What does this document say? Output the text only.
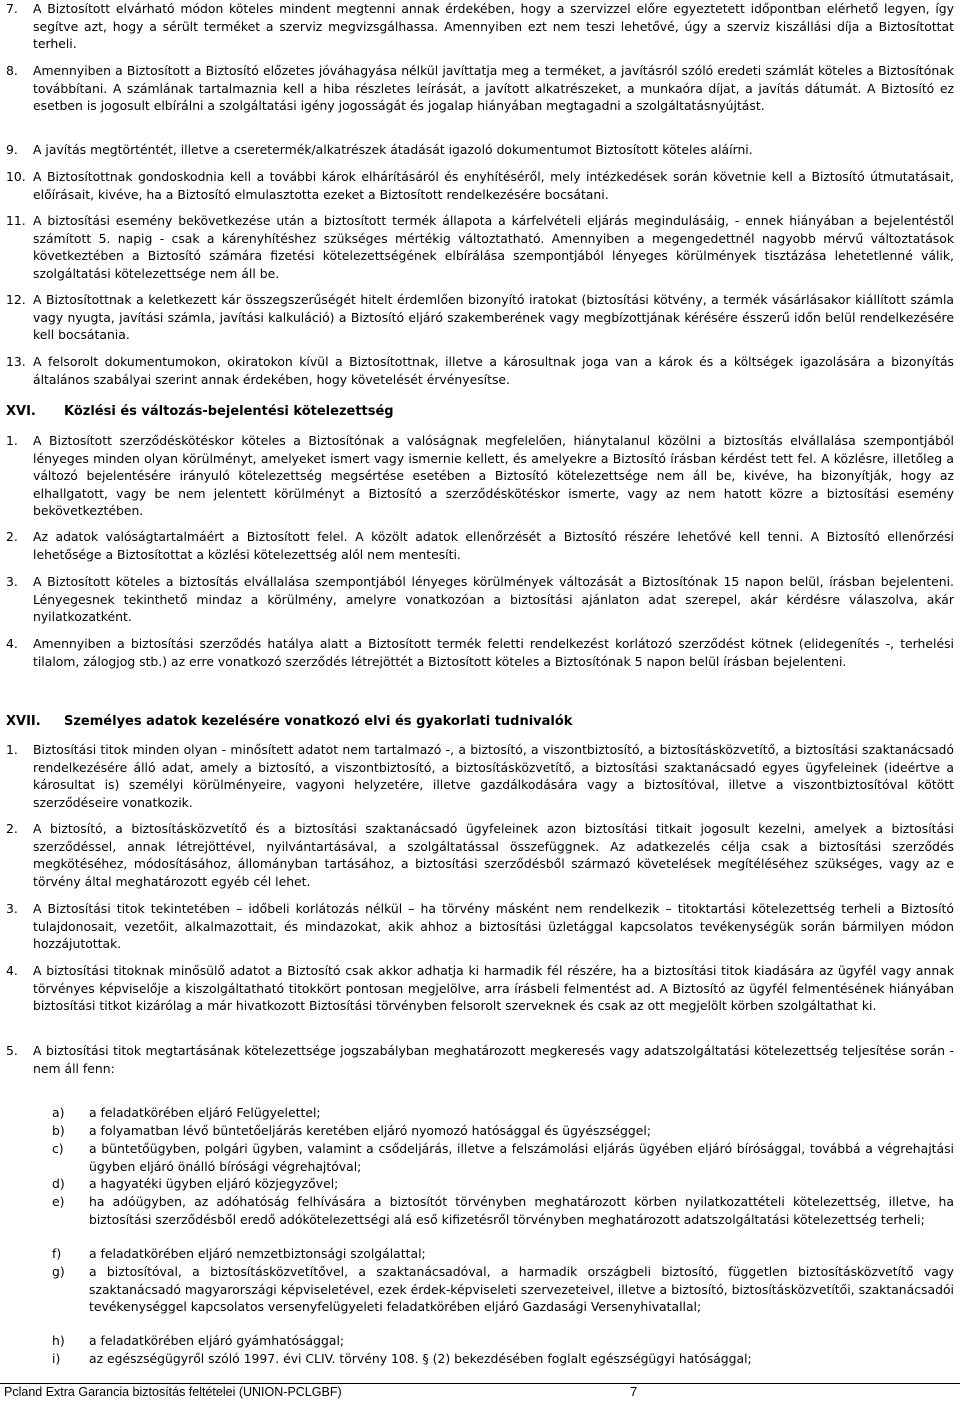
7. A Biztosított elvárható módon köteles mindent megtenni annak érdekében, hogy a szervizzel előre egyeztetett időpontban elérhető legyen, így segítve azt, hogy a sérült terméket a szerviz megvizsgálhassa. Amennyiben ezt nem teszi lehetővé, úgy a szerviz kiszállási díja a Biztosítottat terheli.
8. Amennyiben a Biztosított a Biztosító előzetes jóváhagyása nélkül javíttatja meg a terméket, a javításról szóló eredeti számlát köteles a Biztosítónak továbbítani. A számlának tartalmaznia kell a hiba részletes leírását, a javított alkatrészeket, a munkaóra díjat, a javítás dátumát. A Biztosító ez esetben is jogosult elbírálni a szolgáltatási igény jogosságát és jogalap hiányában megtagadni a szolgáltatásnyújtást.
9. A javítás megtörténtét, illetve a cseretermék/alkatrészek átadását igazoló dokumentumot Biztosított köteles aláírni.
10. A Biztosítottnak gondoskodnia kell a további károk elhárításáról és enyhítéséről, mely intézkedések során követnie kell a Biztosító útmutatásait, előírásait, kivéve, ha a Biztosító elmulasztotta ezeket a Biztosított rendelkezésére bocsátani.
11. A biztosítási esemény bekövetkezése után a biztosított termék állapota a kárfelvételi eljárás megindulásáig, - ennek hiányában a bejelentéstől számított 5. napig - csak a kárenyhítéshez szükséges mértékig változtatható. Amennyiben a megengedettnél nagyobb mérvű változtatások következtében a Biztosító számára fizetési kötelezettségének elbírálása szempontjából lényeges körülmények tisztázása lehetetlenné válik, szolgáltatási kötelezettsége nem áll be.
12. A Biztosítottnak a keletkezett kár összegszerűségét hitelt érdemlően bizonyító iratokat (biztosítási kötvény, a termék vásárlásakor kiállított számla vagy nyugta, javítási számla, javítási kalkuláció) a Biztosító eljáró szakemberének vagy megbízottjának kérésére ésszerű időn belül rendelkezésére kell bocsátania.
13. A felsorolt dokumentumokon, okiratokon kívül a Biztosítottnak, illetve a károsultnak joga van a károk és a költségek igazolására a bizonyítás általános szabályai szerint annak érdekében, hogy követelését érvényesítse.
XVI. Közlési és változás-bejelentési kötelezettség
1. A Biztosított szerződéskötéskor köteles a Biztosítónak a valóságnak megfelelően, hiánytalanul közölni a biztosítás elvállalása szempontjából lényeges minden olyan körülményt, amelyeket ismert vagy ismernie kellett, és amelyekre a Biztosító írásban kérdést tett fel. A közlésre, illetőleg a változó bejelentésére irányuló kötelezettség megsértése esetében a Biztosító kötelezettsége nem áll be, kivéve, ha bizonyítják, hogy az elhallgatott, vagy be nem jelentett körülményt a Biztosító a szerződéskötéskor ismerte, vagy az nem hatott közre a biztosítási esemény bekövetkeztében.
2. Az adatok valóságtartalmáért a Biztosított felel. A közölt adatok ellenőrzését a Biztosító részére lehetővé kell tenni. A Biztosító ellenőrzési lehetősége a Biztosítottat a közlési kötelezettség alól nem mentesíti.
3. A Biztosított köteles a biztosítás elvállalása szempontjából lényeges körülmények változását a Biztosítónak 15 napon belül, írásban bejelenteni. Lényegesnek tekinthető mindaz a körülmény, amelyre vonatkozóan a biztosítási ajánlaton adat szerepel, akár kérdésre válaszolva, akár nyilatkozatként.
4. Amennyiben a biztosítási szerződés hatálya alatt a Biztosított termék feletti rendelkezést korlátozó szerződést kötnek (elidegenítés -, terhelési tilalom, zálogjog stb.) az erre vonatkozó szerződés létrejöttét a Biztosított köteles a Biztosítónak 5 napon belül írásban bejelenteni.
XVII. Személyes adatok kezelésére vonatkozó elvi és gyakorlati tudnivalók
1. Biztosítási titok minden olyan - minősített adatot nem tartalmazó -, a biztosító, a viszontbiztosító, a biztosításközvetítő, a biztosítási szaktanácsadó rendelkezésére álló adat, amely a biztosító, a viszontbiztosító, a biztosításközvetítő, a biztosítási szaktanácsadó egyes ügyfeleinek (ideértve a károsultat is) személyi körülményeire, vagyoni helyzetére, illetve gazdálkodására vagy a biztosítóval, illetve a viszontbiztosítóval kötött szerződéseire vonatkozik.
2. A biztosító, a biztosításközvetítő és a biztosítási szaktanácsadó ügyfeleinek azon biztosítási titkait jogosult kezelni, amelyek a biztosítási szerződéssel, annak létrejöttével, nyilvántartásával, a szolgáltatással összefüggnek. Az adatkezelés célja csak a biztosítási szerződés megkötéséhez, módosításához, állományban tartásához, a biztosítási szerződésből származó követelések megítéléséhez szükséges, vagy az e törvény által meghatározott egyéb cél lehet.
3. A Biztosítási titok tekintetében – időbeli korlátozás nélkül – ha törvény másként nem rendelkezik – titoktartási kötelezettség terheli a Biztosító tulajdonosait, vezetőit, alkalmazottait, és mindazokat, akik ahhoz a biztosítási üzletággal kapcsolatos tevékenységük során bármilyen módon hozzájutottak.
4. A biztosítási titoknak minősülő adatot a Biztosító csak akkor adhatja ki harmadik fél részére, ha a biztosítási titok kiadására az ügyfél vagy annak törvényes képviselője a kiszolgáltatható titokkört pontosan megjelölve, arra írásbeli felmentést ad. A Biztosító az ügyfél felmentésének hiányában biztosítási titkot kizárólag a már hivatkozott Biztosítási törvényben felsorolt szerveknek és csak az ott megjelölt körben szolgáltathat ki.
5. A biztosítási titok megtartásának kötelezettsége jogszabályban meghatározott megkeresés vagy adatszolgáltatási kötelezettség teljesítése során - nem áll fenn:
a) a feladatkörében eljáró Felügyelettel;
b) a folyamatban lévő büntetőeljárás keretében eljáró nyomozó hatósággal és ügyészséggel;
c) a büntetőügyben, polgári ügyben, valamint a csődeljárás, illetve a felszámolási eljárás ügyében eljáró bírósággal, továbbá a végrehajtási ügyben eljáró önálló bírósági végrehajtóval;
d) a hagyatéki ügyben eljáró közjegyzővel;
e) ha adóügyben, az adóhatóság felhívására a biztosítót törvényben meghatározott körben nyilatkozattételi kötelezettség, illetve, ha biztosítási szerződésből eredő adókötelezettségi alá eső kifizetésről törvényben meghatározott adatszolgáltatási kötelezettség terheli;
f) a feladatkörében eljáró nemzetbiztonsági szolgálattal;
g) a biztosítóval, a biztosításközvetítővel, a szaktanácsadóval, a harmadik országbeli biztosító, független biztosításközvetítő vagy szaktanácsadó magyarországi képviseletével, ezek érdek-képviseleti szervezeteivel, illetve a biztosító, biztosításközvetítői, szaktanácsadói tevékenységgel kapcsolatos versenyfelügyeleti feladatkörében eljáró Gazdasági Versenyhivatallal;
h) a feladatkörében eljáró gyámhatósággal;
i) az egészségügyről szóló 1997. évi CLIV. törvény 108. § (2) bekezdésében foglalt egészségügyi hatósággal;
Pcland Extra Garancia biztosítás feltételei (UNION-PCLGBF)	7
